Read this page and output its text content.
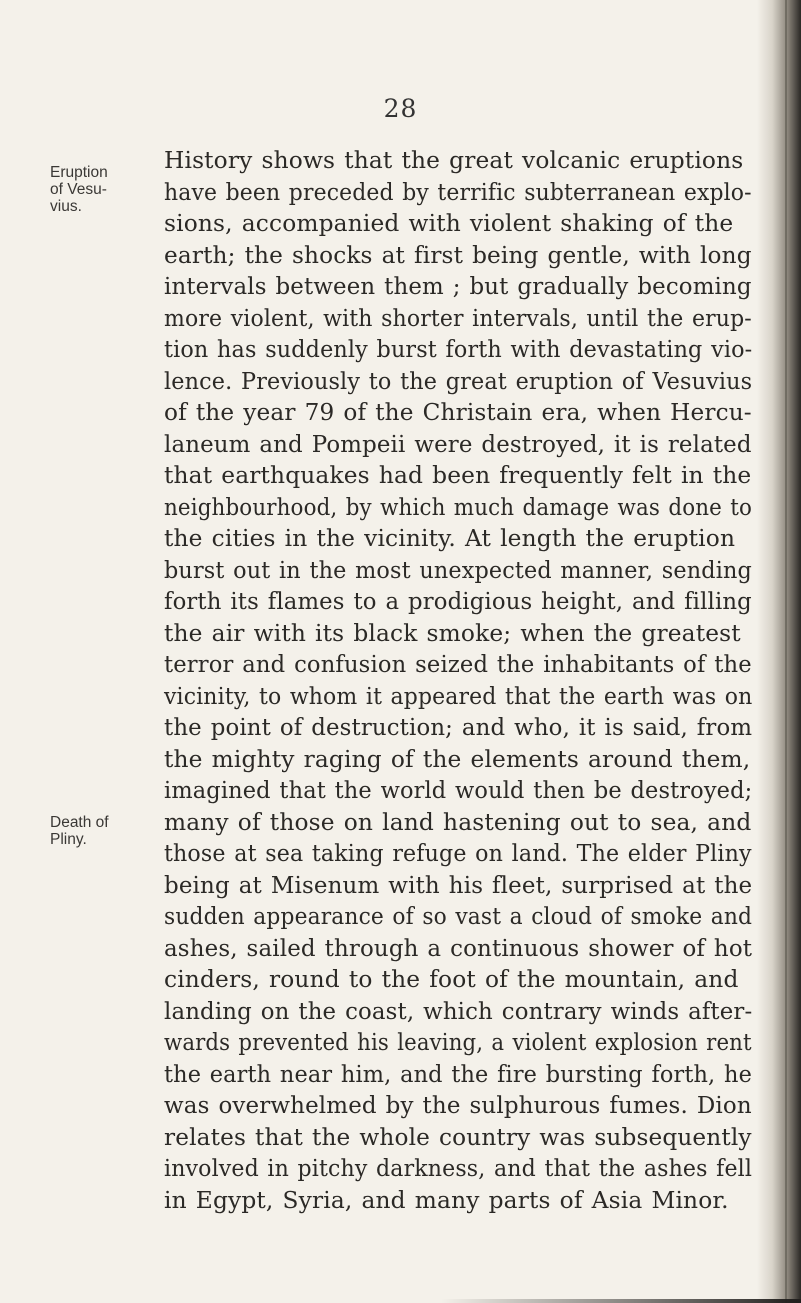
28
Eruption
of Vesu-
vius.
Death of
Pliny.
History shows that the great volcanic eruptions
have been preceded by terrific subterranean explo-
sions, accompanied with violent shaking of the
earth; the shocks at first being gentle, with long
intervals between them ; but gradually becoming
more violent, with shorter intervals, until the erup-
tion has suddenly burst forth with devastating vio-
lence. Previously to the great eruption of Vesuvius
of the year 79 of the Christain era, when Hercu-
laneum and Pompeii were destroyed, it is related
that earthquakes had been frequently felt in the
neighbourhood, by which much damage was done to
the cities in the vicinity. At length the eruption
burst out in the most unexpected manner, sending
forth its flames to a prodigious height, and filling
the air with its black smoke; when the greatest
terror and confusion seized the inhabitants of the
vicinity, to whom it appeared that the earth was on
the point of destruction; and who, it is said, from
the mighty raging of the elements around them,
imagined that the world would then be destroyed;
many of those on land hastening out to sea, and
those at sea taking refuge on land. The elder Pliny
being at Misenum with his fleet, surprised at the
sudden appearance of so vast a cloud of smoke and
ashes, sailed through a continuous shower of hot
cinders, round to the foot of the mountain, and
landing on the coast, which contrary winds after-
wards prevented his leaving, a violent explosion rent
the earth near him, and the fire bursting forth, he
was overwhelmed by the sulphurous fumes. Dion
relates that the whole country was subsequently
involved in pitchy darkness, and that the ashes fell
in Egypt, Syria, and many parts of Asia Minor.
